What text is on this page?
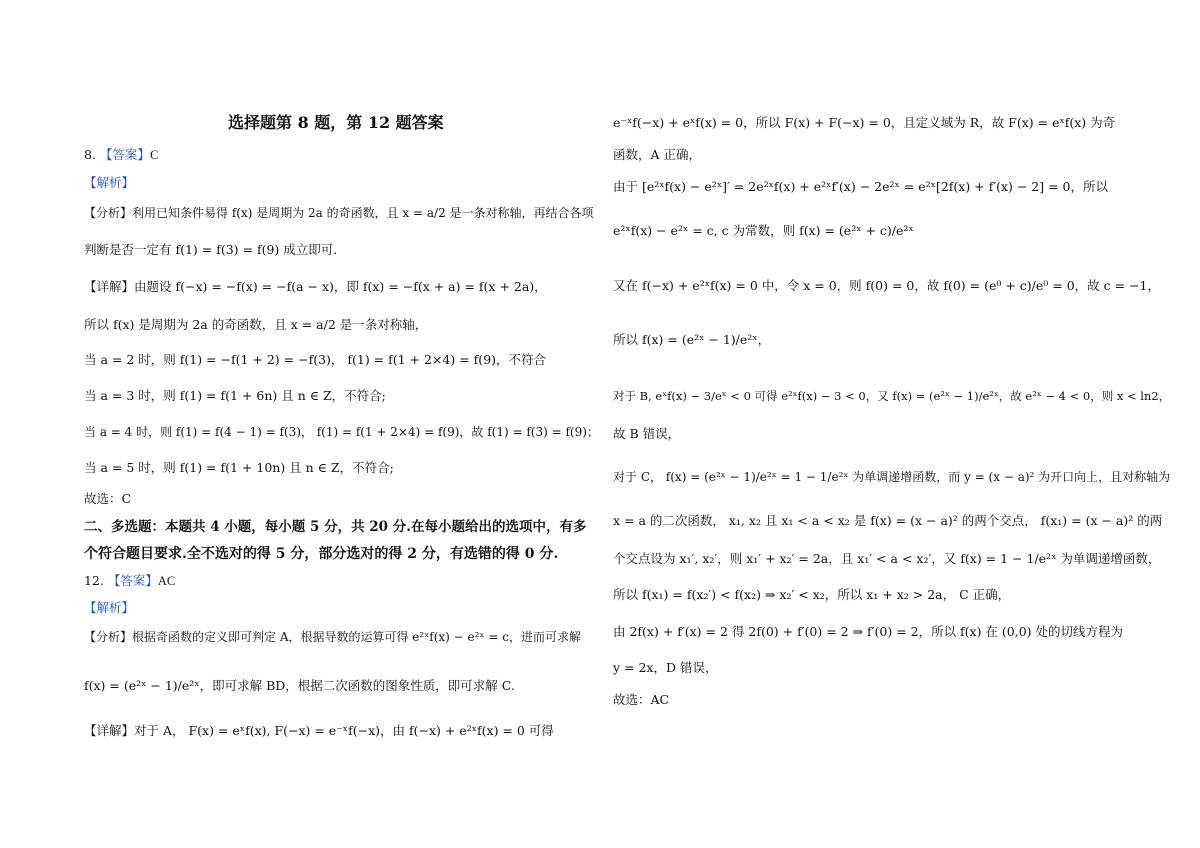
选择题第 8 题，第 12 题答案
8. 【答案】C
【解析】
【分析】利用已知条件易得 f(x) 是周期为 2a 的奇函数，且 x = a/2 是一条对称轴，再结合各项
判断是否一定有 f(1) = f(3) = f(9) 成立即可.
【详解】由题设 f(−x) = −f(x) = −f(a − x)，即 f(x) = −f(x + a) = f(x + 2a)，
所以 f(x) 是周期为 2a 的奇函数，且 x = a/2 是一条对称轴，
当 a = 2 时，则 f(1) = −f(1 + 2) = −f(3)， f(1) = f(1 + 2×4) = f(9)，不符合
当 a = 3 时，则 f(1) = f(1 + 6n) 且 n ∈ Z，不符合;
当 a = 4 时，则 f(1) = f(4 − 1) = f(3)， f(1) = f(1 + 2×4) = f(9)，故 f(1) = f(3) = f(9)；
当 a = 5 时，则 f(1) = f(1 + 10n) 且 n ∈ Z，不符合;
故选：C
二、多选题：本题共 4 小题，每小题 5 分，共 20 分.在每小题给出的选项中，有多
个符合题目要求.全不选对的得 5 分，部分选对的得 2 分，有选错的得 0 分.
12. 【答案】AC
【解析】
【分析】根据奇函数的定义即可判定 A，根据导数的运算可得 e²ˣf(x) − e²ˣ = c，进而可求解
f(x) = (e²ˣ − 1)/e²ˣ，即可求解 BD，根据二次函数的图象性质，即可求解 C.
【详解】对于 A， F(x) = eˣf(x), F(−x) = e⁻ˣf(−x)，由 f(−x) + e²ˣf(x) = 0 可得
e⁻ˣf(−x) + eˣf(x) = 0，所以 F(x) + F(−x) = 0，且定义域为 R，故 F(x) = eˣf(x) 为奇
函数，A 正确，
由于 [e²ˣf(x) − e²ˣ]′ = 2e²ˣf(x) + e²ˣf′(x) − 2e²ˣ = e²ˣ[2f(x) + f′(x) − 2] = 0，所以
e²ˣf(x) − e²ˣ = c, c 为常数，则 f(x) = (e²ˣ + c)/e²ˣ
又在 f(−x) + e²ˣf(x) = 0 中，令 x = 0，则 f(0) = 0，故 f(0) = (e⁰ + c)/e⁰ = 0，故 c = −1，
所以 f(x) = (e²ˣ − 1)/e²ˣ，
对于 B, eˣf(x) − 3/eˣ < 0 可得 e²ˣf(x) − 3 < 0，又 f(x) = (e²ˣ − 1)/e²ˣ，故 e²ˣ − 4 < 0，则 x < ln2，
故 B 错误，
对于 C， f(x) = (e²ˣ − 1)/e²ˣ = 1 − 1/e²ˣ 为单调递增函数，而 y = (x − a)² 为开口向上，且对称轴为
x = a 的二次函数， x₁, x₂ 且 x₁ < a < x₂ 是 f(x) = (x − a)² 的两个交点， f(x₁) = (x − a)² 的两
个交点设为 x₁′, x₂′，则 x₁′ + x₂′ = 2a，且 x₁′ < a < x₂′，又 f(x) = 1 − 1/e²ˣ 为单调递增函数，
所以 f(x₁) = f(x₂′) < f(x₂) ⇒ x₂′ < x₂，所以 x₁ + x₂ > 2a， C 正确，
由 2f(x) + f′(x) = 2 得 2f(0) + f′(0) = 2 ⇒ f′(0) = 2，所以 f(x) 在 (0,0) 处的切线方程为
y = 2x，D 错误，
故选：AC
